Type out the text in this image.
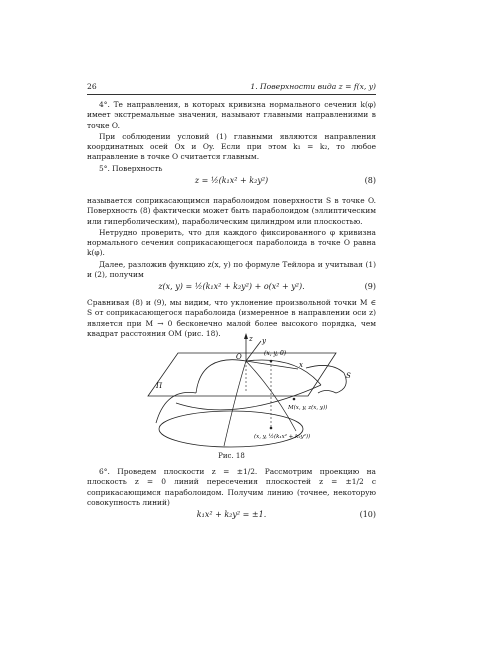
26	1. Поверхности вида z = f(x, y)

4°. Те направления, в которых кривизна нормального сечения k(φ) имеет экстремальные значения, называют главными направлениями в точке O.

При соблюдении условий (1) главными являются направления координатных осей Ox и Oy. Если при этом k₁ = k₂, то любое направление в точке O считается главным.

5°. Поверхность

z = ½(k₁x² + k₂y²)	(8)

называется соприкасающимся параболоидом поверхности S в точке O. Поверхность (8) фактически может быть параболоидом (эллиптическим или гиперболическим), параболическим цилиндром или плоскостью.

Нетрудно проверить, что для каждого фиксированного φ кривизна нормального сечения соприкасающегося параболоида в точке O равна k(φ).

Далее, разложив функцию z(x, y) по формуле Тейлора и учитывая (1) и (2), получим

z(x, y) = ½(k₁x² + k₂y²) + o(x² + y²).	(9)

Сравнивая (8) и (9), мы видим, что уклонение произвольной точки M ∈ S от соприкасающегося параболоида (измеренное в направлении оси z) является при M → 0 бесконечно малой более высокого порядка, чем квадрат расстояния OM (рис. 18).

z y
x
O
Π
S
(x, y, 0)
M(x, y, z(x, y))
(x, y, ½(k₁x² + k₂y²))
Рис. 18

6°. Проведем плоскости z = ±1/2. Рассмотрим проекцию на плоскость z = 0 линий пересечения плоскостей z = ±1/2 с соприкасающимся параболоидом. Получим линию (точнее, некоторую совокупность линий)

k₁x² + k₂y² = ±1.	(10)
